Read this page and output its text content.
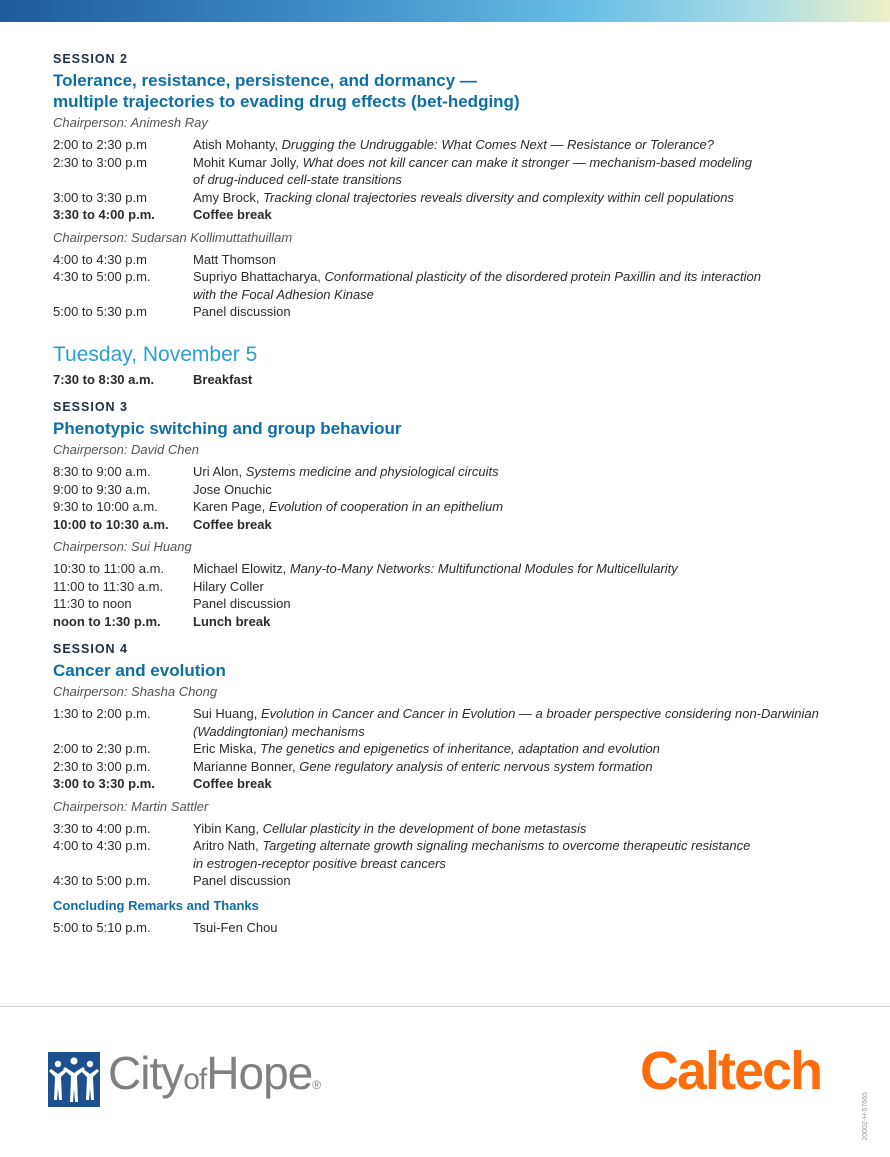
SESSION 2
Tolerance, resistance, persistence, and dormancy —
multiple trajectories to evading drug effects (bet-hedging)
Chairperson: Animesh Ray
2:00 to 2:30 p.m	Atish Mohanty, Drugging the Undruggable: What Comes Next — Resistance or Tolerance?
2:30 to 3:00 p.m	Mohit Kumar Jolly, What does not kill cancer can make it stronger — mechanism-based modeling
of drug-induced cell-state transitions
3:00 to 3:30 p.m	Amy Brock, Tracking clonal trajectories reveals diversity and complexity within cell populations
3:30 to 4:00 p.m.	Coffee break
Chairperson: Sudarsan Kollimuttathuillam
4:00 to 4:30 p.m	Matt Thomson
4:30 to 5:00 p.m.	Supriyo Bhattacharya, Conformational plasticity of the disordered protein Paxillin and its interaction
with the Focal Adhesion Kinase
5:00 to 5:30 p.m	Panel discussion
Tuesday, November 5
7:30 to 8:30 a.m.	Breakfast
SESSION 3
Phenotypic switching and group behaviour
Chairperson: David Chen
8:30 to 9:00 a.m.	Uri Alon, Systems medicine and physiological circuits
9:00 to 9:30 a.m.	Jose Onuchic
9:30 to 10:00 a.m.	Karen Page, Evolution of cooperation in an epithelium
10:00 to 10:30 a.m.	Coffee break
Chairperson: Sui Huang
10:30 to 11:00 a.m.	Michael Elowitz, Many-to-Many Networks: Multifunctional Modules for Multicellularity
11:00 to 11:30 a.m.	Hilary Coller
11:30 to noon	Panel discussion
noon to 1:30 p.m.	Lunch break
SESSION 4
Cancer and evolution
Chairperson: Shasha Chong
1:30 to 2:00 p.m.	Sui Huang, Evolution in Cancer and Cancer in Evolution — a broader perspective considering non-Darwinian
(Waddingtonian) mechanisms
2:00 to 2:30 p.m.	Eric Miska, The genetics and epigenetics of inheritance, adaptation and evolution
2:30 to 3:00 p.m.	Marianne Bonner, Gene regulatory analysis of enteric nervous system formation
3:00 to 3:30 p.m.	Coffee break
Chairperson: Martin Sattler
3:30 to 4:00 p.m.	Yibin Kang, Cellular plasticity in the development of bone metastasis
4:00 to 4:30 p.m.	Aritro Nath, Targeting alternate growth signaling mechanisms to overcome therapeutic resistance
in estrogen-receptor positive breast cancers
4:30 to 5:00 p.m.	Panel discussion
Concluding Remarks and Thanks
5:00 to 5:10 p.m.	Tsui-Fen Chou
CityofHope®	Caltech
20002-H-57665
